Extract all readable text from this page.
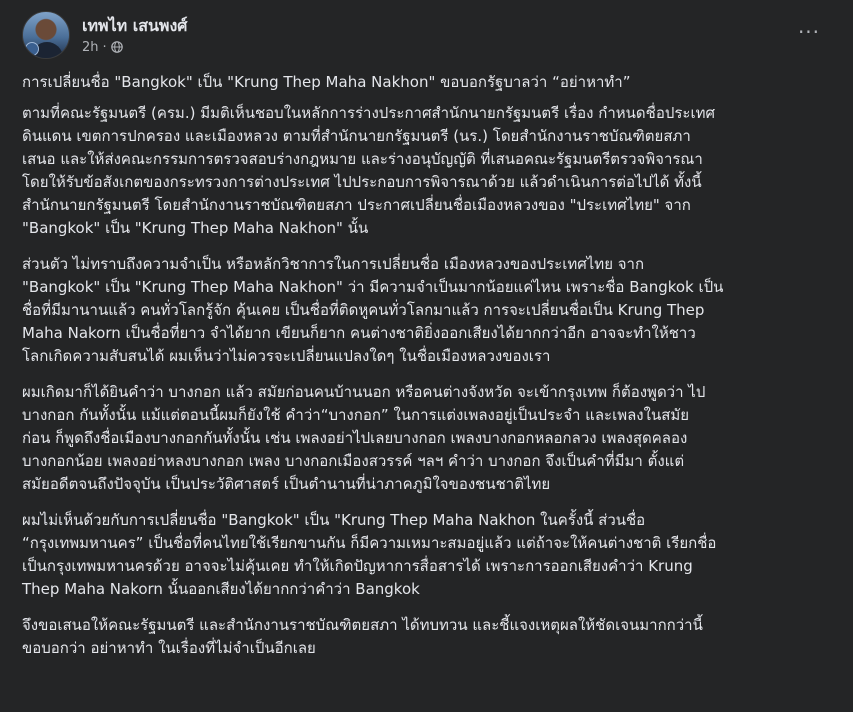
เทพไท เสนพงศ์
2h ·
···

การเปลี่ยนชื่อ "Bangkok" เป็น "Krung Thep Maha Nakhon" ขอบอกรัฐบาลว่า “อย่าหาทำ”

ตามที่คณะรัฐมนตรี (ครม.) มีมติเห็นชอบในหลักการร่างประกาศสำนักนายกรัฐมนตรี เรื่อง กำหนดชื่อประเทศ
ดินแดน เขตการปกครอง และเมืองหลวง ตามที่สำนักนายกรัฐมนตรี (นร.) โดยสำนักงานราชบัณฑิตยสภา
เสนอ และให้ส่งคณะกรรมการตรวจสอบร่างกฎหมาย และร่างอนุบัญญัติ ที่เสนอคณะรัฐมนตรีตรวจพิจารณา
โดยให้รับข้อสังเกตของกระทรวงการต่างประเทศ ไปประกอบการพิจารณาด้วย แล้วดำเนินการต่อไปได้ ทั้งนี้
สำนักนายกรัฐมนตรี โดยสำนักงานราชบัณฑิตยสภา ประกาศเปลี่ยนชื่อเมืองหลวงของ "ประเทศไทย" จาก
"Bangkok" เป็น "Krung Thep Maha Nakhon" นั้น

ส่วนตัว ไม่ทราบถึงความจำเป็น หรือหลักวิชาการในการเปลี่ยนชื่อ เมืองหลวงของประเทศไทย จาก
"Bangkok" เป็น "Krung Thep Maha Nakhon" ว่า มีความจำเป็นมากน้อยแค่ไหน เพราะชื่อ Bangkok เป็น
ชื่อที่มีมานานแล้ว คนทั่วโลกรู้จัก คุ้นเคย เป็นชื่อที่ติดหูคนทั่วโลกมาแล้ว การจะเปลี่ยนชื่อเป็น Krung Thep
Maha Nakorn เป็นชื่อที่ยาว จำได้ยาก เขียนก็ยาก คนต่างชาติยิ่งออกเสียงได้ยากกว่าอีก อาจจะทำให้ชาว
โลกเกิดความสับสนได้ ผมเห็นว่าไม่ควรจะเปลี่ยนแปลงใดๆ ในชื่อเมืองหลวงของเรา

ผมเกิดมาก็ได้ยินคำว่า บางกอก แล้ว สมัยก่อนคนบ้านนอก หรือคนต่างจังหวัด จะเข้ากรุงเทพ ก็ต้องพูดว่า ไป
บางกอก กันทั้งนั้น แม้แต่ตอนนี้ผมก็ยังใช้ คำว่า“บางกอก” ในการแต่งเพลงอยู่เป็นประจำ และเพลงในสมัย
ก่อน ก็พูดถึงชื่อเมืองบางกอกกันทั้งนั้น เช่น เพลงอย่าไปเลยบางกอก เพลงบางกอกหลอกลวง เพลงสุดคลอง
บางกอกน้อย เพลงอย่าหลงบางกอก เพลง บางกอกเมืองสวรรค์ ฯลฯ คำว่า บางกอก จึงเป็นคำที่มีมา ตั้งแต่
สมัยอดีตจนถึงปัจจุบัน เป็นประวัติศาสตร์ เป็นตำนานที่น่าภาคภูมิใจของชนชาติไทย

ผมไม่เห็นด้วยกับการเปลี่ยนชื่อ "Bangkok" เป็น "Krung Thep Maha Nakhon ในครั้งนี้ ส่วนชื่อ
“กรุงเทพมหานคร” เป็นชื่อที่คนไทยใช้เรียกขานกัน ก็มีความเหมาะสมอยู่แล้ว แต่ถ้าจะให้คนต่างชาติ เรียกชื่อ
เป็นกรุงเทพมหานครด้วย อาจจะไม่คุ้นเคย ทำให้เกิดปัญหาการสื่อสารได้ เพราะการออกเสียงคำว่า Krung
Thep Maha Nakorn นั้นออกเสียงได้ยากกว่าคำว่า Bangkok

จึงขอเสนอให้คณะรัฐมนตรี และสำนักงานราชบัณฑิตยสภา ได้ทบทวน และชี้แจงเหตุผลให้ชัดเจนมากกว่านี้
ขอบอกว่า อย่าหาทำ ในเรื่องที่ไม่จำเป็นอีกเลย
